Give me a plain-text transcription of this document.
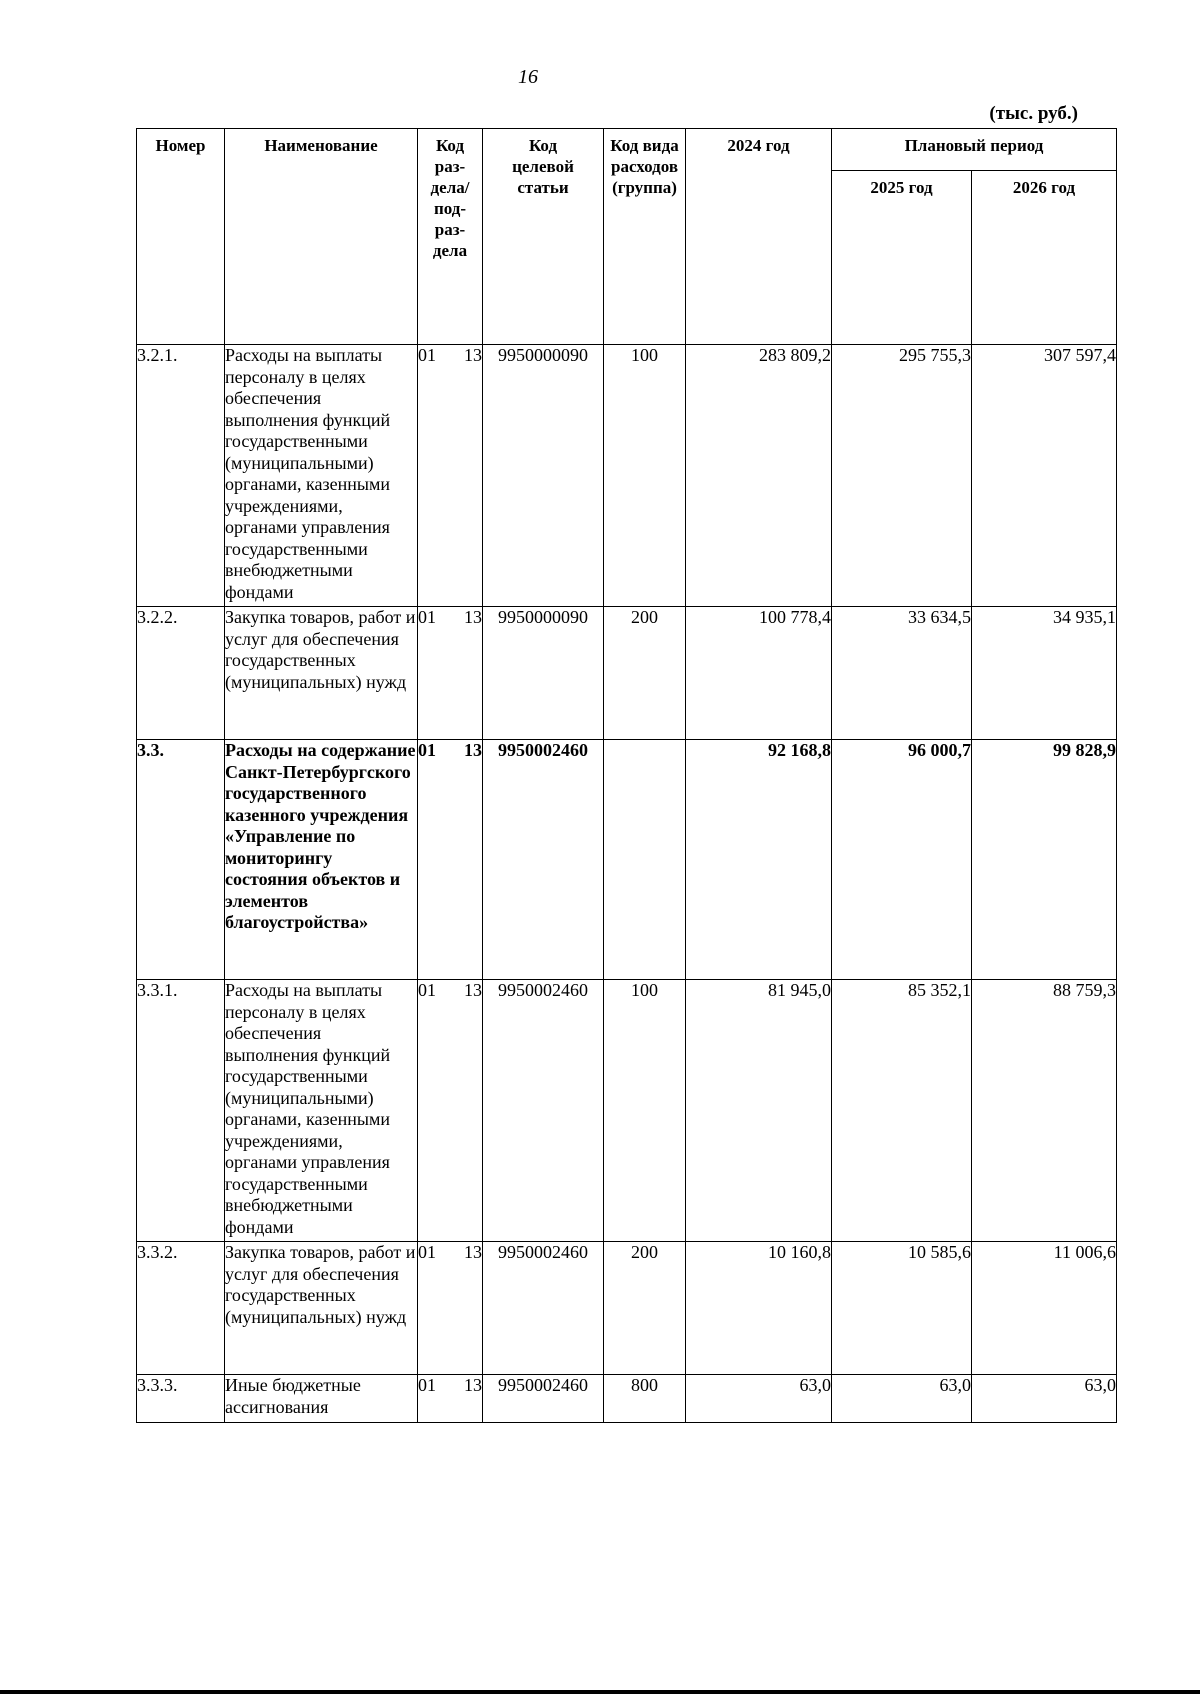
16
(тыс. руб.)
Номер	Наименование	Код раз-дела/ под-раз-дела	Код целевой статьи	Код вида расходов (группа)	2024 год	Плановый период	
						2025 год	2026 год
3.2.1.	Расходы на выплаты персоналу в целях обеспечения выполнения функций государственными (муниципальными) органами, казенными учреждениями, органами управления государственными внебюджетными фондами	01 13	9950000090	100	283 809,2	295 755,3	307 597,4
3.2.2.	Закупка товаров, работ и услуг для обеспечения государственных (муниципальных) нужд	01 13	9950000090	200	100 778,4	33 634,5	34 935,1
3.3.	Расходы на содержание Санкт-Петербургского государственного казенного учреждения «Управление по мониторингу состояния объектов и элементов благоустройства»	01 13	9950002460		92 168,8	96 000,7	99 828,9
3.3.1.	Расходы на выплаты персоналу в целях обеспечения выполнения функций государственными (муниципальными) органами, казенными учреждениями, органами управления государственными внебюджетными фондами	01 13	9950002460	100	81 945,0	85 352,1	88 759,3
3.3.2.	Закупка товаров, работ и услуг для обеспечения государственных (муниципальных) нужд	01 13	9950002460	200	10 160,8	10 585,6	11 006,6
3.3.3.	Иные бюджетные ассигнования	01 13	9950002460	800	63,0	63,0	63,0
